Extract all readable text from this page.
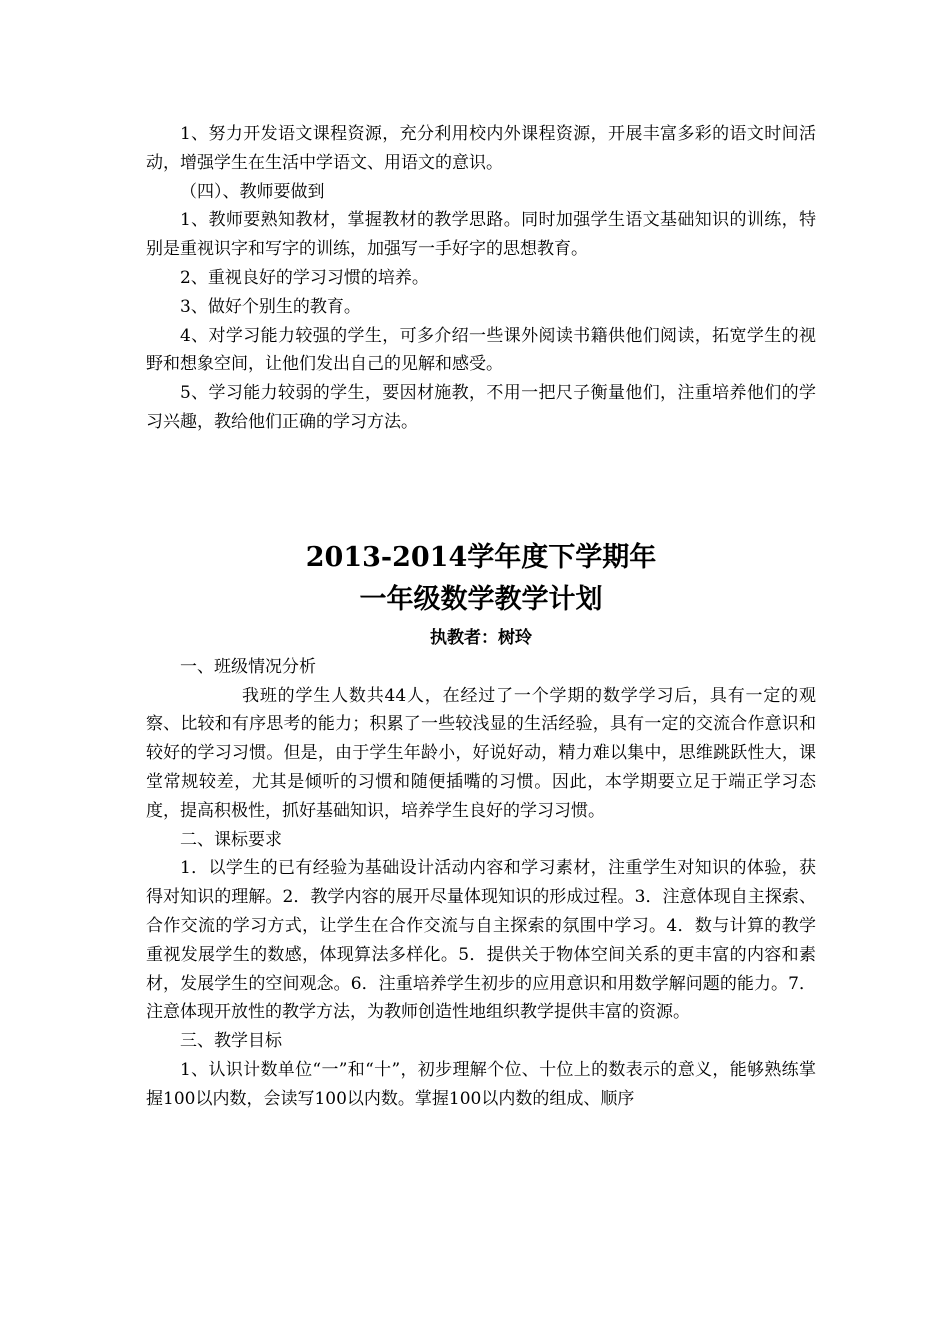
1、努力开发语文课程资源，充分利用校内外课程资源，开展丰富多彩的语文时间活动，增强学生在生活中学语文、用语文的意识。

（四）、教师要做到

1、教师要熟知教材，掌握教材的教学思路。同时加强学生语文基础知识的训练，特别是重视识字和写字的训练，加强写一手好字的思想教育。

2、重视良好的学习习惯的培养。

3、做好个别生的教育。

4、对学习能力较强的学生，可多介绍一些课外阅读书籍供他们阅读，拓宽学生的视野和想象空间，让他们发出自己的见解和感受。

5、学习能力较弱的学生，要因材施教，不用一把尺子衡量他们，注重培养他们的学习兴趣，教给他们正确的学习方法。

2013-2014学年度下学期年
一年级数学教学计划

执教者：树玲

一、班级情况分析

我班的学生人数共44人，在经过了一个学期的数学学习后，具有一定的观察、比较和有序思考的能力；积累了一些较浅显的生活经验，具有一定的交流合作意识和较好的学习习惯。但是，由于学生年龄小，好说好动，精力难以集中，思维跳跃性大，课堂常规较差，尤其是倾听的习惯和随便插嘴的习惯。因此，本学期要立足于端正学习态度，提高积极性，抓好基础知识，培养学生良好的学习习惯。

二、课标要求

1．以学生的已有经验为基础设计活动内容和学习素材，注重学生对知识的体验，获得对知识的理解。2．教学内容的展开尽量体现知识的形成过程。3．注意体现自主探索、合作交流的学习方式，让学生在合作交流与自主探索的氛围中学习。4．数与计算的教学重视发展学生的数感，体现算法多样化。5．提供关于物体空间关系的更丰富的内容和素材，发展学生的空间观念。6．注重培养学生初步的应用意识和用数学解问题的能力。7．注意体现开放性的教学方法，为教师创造性地组织教学提供丰富的资源。

三、教学目标

1、认识计数单位“一”和“十”，初步理解个位、十位上的数表示的意义，能够熟练掌握100以内数，会读写100以内数。掌握100以内数的组成、顺序
